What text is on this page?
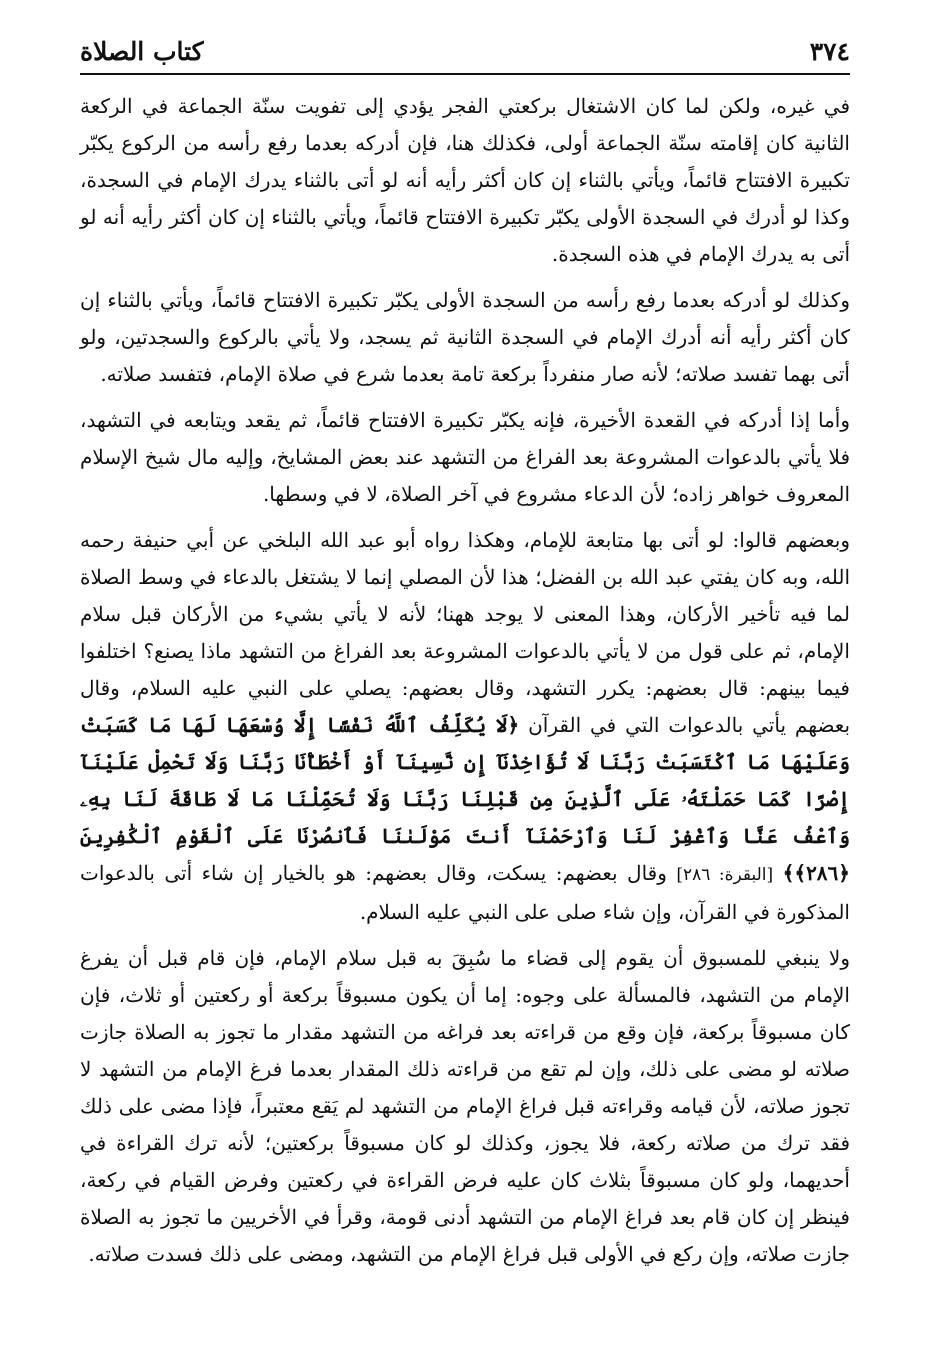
٣٧٤
كتاب الصلاة

في غيره، ولكن لما كان الاشتغال بركعتي الفجر يؤدي إلى تفويت سنّة الجماعة في الركعة الثانية كان إقامته سنّة الجماعة أولى، فكذلك هنا، فإن أدركه بعدما رفع رأسه من الركوع يكبّر تكبيرة الافتتاح قائماً، ويأتي بالثناء إن كان أكثر رأيه أنه لو أتى بالثناء يدرك الإمام في السجدة، وكذا لو أدرك في السجدة الأولى يكبّر تكبيرة الافتتاح قائماً، ويأتي بالثناء إن كان أكثر رأيه أنه لو أتى به يدرك الإمام في هذه السجدة.

وكذلك لو أدركه بعدما رفع رأسه من السجدة الأولى يكبّر تكبيرة الافتتاح قائماً، ويأتي بالثناء إن كان أكثر رأيه أنه أدرك الإمام في السجدة الثانية ثم يسجد، ولا يأتي بالركوع والسجدتين، ولو أتى بهما تفسد صلاته؛ لأنه صار منفرداً بركعة تامة بعدما شرع في صلاة الإمام، فتفسد صلاته.

وأما إذا أدركه في القعدة الأخيرة، فإنه يكبّر تكبيرة الافتتاح قائماً، ثم يقعد ويتابعه في التشهد، فلا يأتي بالدعوات المشروعة بعد الفراغ من التشهد عند بعض المشايخ، وإليه مال شيخ الإسلام المعروف خواهر زاده؛ لأن الدعاء مشروع في آخر الصلاة، لا في وسطها.

وبعضهم قالوا: لو أتى بها متابعة للإمام، وهكذا رواه أبو عبد الله البلخي عن أبي حنيفة رحمه الله، وبه كان يفتي عبد الله بن الفضل؛ هذا لأن المصلي إنما لا يشتغل بالدعاء في وسط الصلاة لما فيه تأخير الأركان، وهذا المعنى لا يوجد ههنا؛ لأنه لا يأتي بشيء من الأركان قبل سلام الإمام، ثم على قول من لا يأتي بالدعوات المشروعة بعد الفراغ من التشهد ماذا يصنع؟ اختلفوا فيما بينهم: قال بعضهم: يكرر التشهد، وقال بعضهم: يصلي على النبي عليه السلام، وقال بعضهم يأتي بالدعوات التي في القرآن ﴿لَا يُكَلِّفُ ٱللَّهُ نَفْسًا إِلَّا وُسْعَهَا لَهَا مَا كَسَبَتْ وَعَلَيْهَا مَا ٱكْتَسَبَتْ رَبَّنَا لَا تُؤَاخِذْنَآ إِن نَّسِينَآ أَوْ أَخْطَأْنَا رَبَّنَا وَلَا تَحْمِلْ عَلَيْنَآ إِصْرًا كَمَا حَمَلْتَهُۥ عَلَى ٱلَّذِينَ مِن قَبْلِنَا رَبَّنَا وَلَا تُحَمِّلْنَا مَا لَا طَاقَةَ لَنَا بِهِۦ وَٱعْفُ عَنَّا وَٱغْفِرْ لَنَا وَٱرْحَمْنَآ أَنتَ مَوْلَىٰنَا فَٱنصُرْنَا عَلَى ٱلْقَوْمِ ٱلْكَٰفِرِينَ ﴿٢٨٦﴾﴾ [البقرة: ٢٨٦] وقال بعضهم: يسكت، وقال بعضهم: هو بالخيار إن شاء أتى بالدعوات المذكورة في القرآن، وإن شاء صلى على النبي عليه السلام.

ولا ينبغي للمسبوق أن يقوم إلى قضاء ما سُبِقَ به قبل سلام الإمام، فإن قام قبل أن يفرغ الإمام من التشهد، فالمسألة على وجوه: إما أن يكون مسبوقاً بركعة أو ركعتين أو ثلاث، فإن كان مسبوقاً بركعة، فإن وقع من قراءته بعد فراغه من التشهد مقدار ما تجوز به الصلاة جازت صلاته لو مضى على ذلك، وإن لم تقع من قراءته ذلك المقدار بعدما فرغ الإمام من التشهد لا تجوز صلاته، لأن قيامه وقراءته قبل فراغ الإمام من التشهد لم يَقع معتبراً، فإذا مضى على ذلك فقد ترك من صلاته ركعة، فلا يجوز، وكذلك لو كان مسبوقاً بركعتين؛ لأنه ترك القراءة في أحديهما، ولو كان مسبوقاً بثلاث كان عليه فرض القراءة في ركعتين وفرض القيام في ركعة، فينظر إن كان قام بعد فراغ الإمام من التشهد أدنى قومة، وقرأ في الأخريين ما تجوز به الصلاة جازت صلاته، وإن ركع في الأولى قبل فراغ الإمام من التشهد، ومضى على ذلك فسدت صلاته.
